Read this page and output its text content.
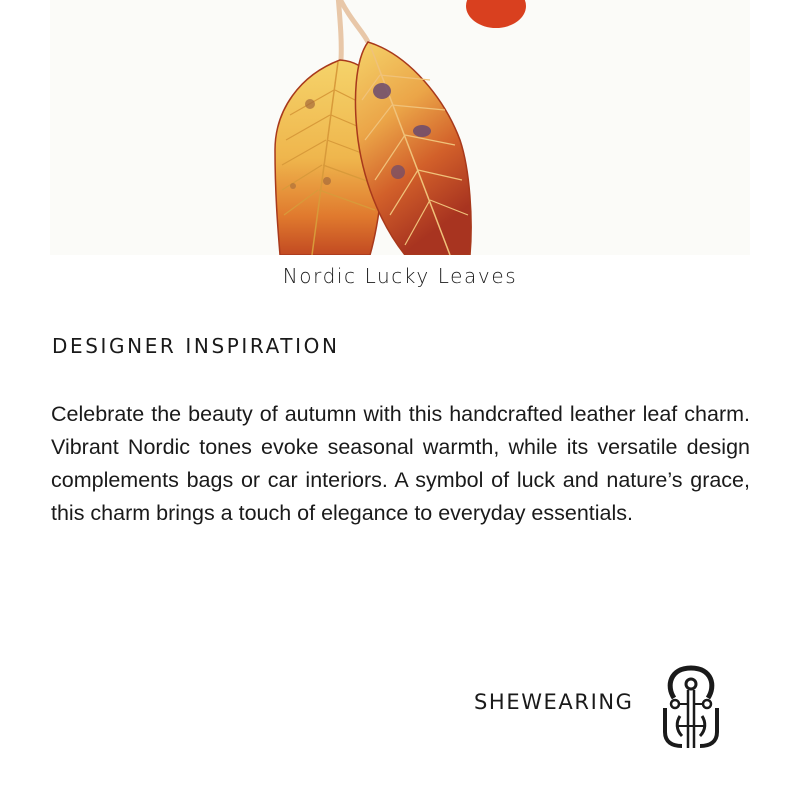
Nordic Lucky Leaves
DESIGNER INSPIRATION

Celebrate the beauty of autumn with this handcrafted leather leaf charm. Vibrant Nordic tones evoke seasonal warmth, while its versatile design complements bags or car interiors. A symbol of luck and nature’s grace, this charm brings a touch of elegance to everyday essentials.

SHEWEARING
